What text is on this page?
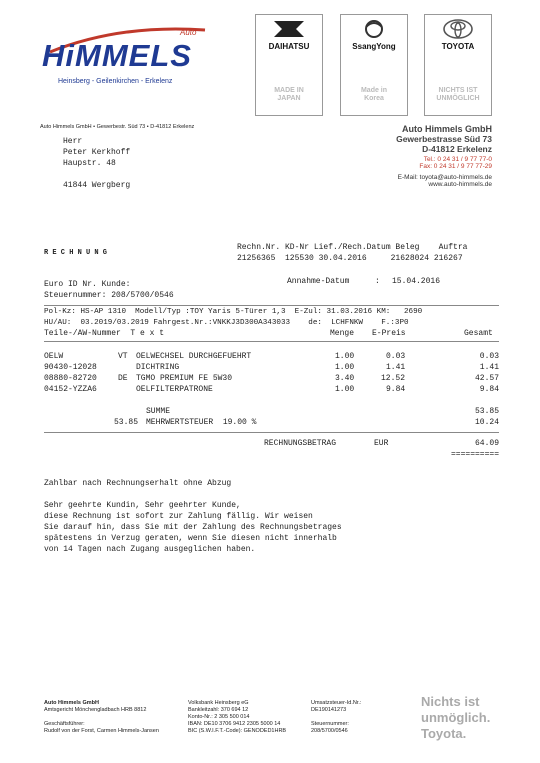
Auto
HiMMELS
Heinsberg - Geilenkirchen - Erkelenz
DAIHATSU
MADE IN
JAPAN
SsangYong
Made in
Korea
TOYOTA
NICHTS IST
UNMÖGLICH
Auto Himmels GmbH • Gewerbestr. Süd 73 • D-41812 Erkelenz
Herr
Peter Kerkhoff
Haupstr. 48
41844 Wergberg
Auto Himmels GmbH
Gewerbestrasse Süd 73
D-41812 Erkelenz
Tel.: 0 24 31 / 9 77 77-0
Fax: 0 24 31 / 9 77 77-29
E-Mail: toyota@auto-himmels.de
www.auto-himmels.de
R E C H N U N G
Rechn.Nr. KD-Nr Lief./Rech.Datum Beleg    Auftra
21256365  125530 30.04.2016     21628024 216267
Euro ID Nr. Kunde:	Annahme-Datum	: 15.04.2016
Steuernummer: 208/5700/0546
Pol-Kz: HS-AP 1310  Modell/Typ :TOY Yaris 5-Türer 1,3  E-Zul: 31.03.2016 KM:   2690
HU/AU:  03.2019/03.2019 Fahrgest.Nr.:VNKKJ3D300A343033    de:  LCHFNKW    F.:3P0
Teile-/AW-Nummer  T e x t	Menge E-Preis	Gesamt
OELW	VT OELWECHSEL DURCHGEFUEHRT	1.00	0.03	0.03
90430-12028	DICHTRING	1.00	1.41	1.41
08880-82720	DE TGMO PREMIUM FE 5W30	3.40	12.52	42.57
04152-YZZA6	OELFILTERPATRONE	1.00	9.84	9.84
SUMME	53.85
53.85 MEHRWERTSTEUER  19.00 %	10.24
RECHNUNGSBETRAG	EUR	64.09
==========
Zahlbar nach Rechnungserhalt ohne Abzug
Sehr geehrte Kundin, Sehr geehrter Kunde,
diese Rechnung ist sofort zur Zahlung fällig. Wir weisen
Sie darauf hin, dass Sie mit der Zahlung des Rechnungsbetrages
spätestens in Verzug geraten, wenn Sie diesen nicht innerhalb
von 14 Tagen nach Zugang ausgeglichen haben.
Auto Himmels GmbH
Amtsgericht Mönchengladbach HRB 8812
Geschäftsführer:
Rudolf von der Forst, Carmen Himmels-Jansen
Volksbank Heinsberg eG
Bankleitzahl: 370 694 12
Konto-Nr.: 2 305 500 014
IBAN: DE10 3706 9412 2305 5000 14
BIC (S.W.I.F.T.-Code): GENODED1HRB
Umsatzsteuer-Id.Nr.:
DE190141273
Steuernummer:
208/5700/0546
Nichts ist
unmöglich.
Toyota.
